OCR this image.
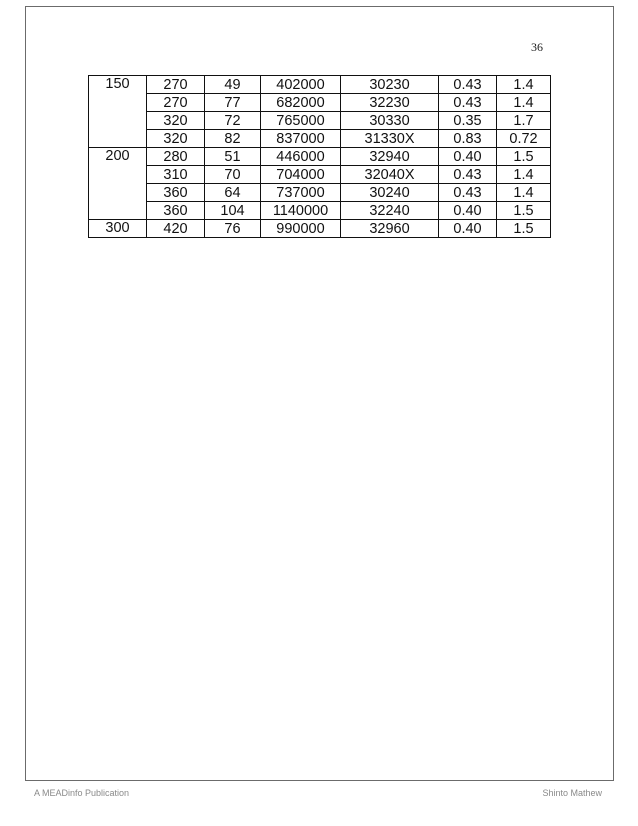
36
150	270	49	402000	30230	0.43	1.4
	270	77	682000	32230	0.43	1.4
	320	72	765000	30330	0.35	1.7
	320	82	837000	31330X	0.83	0.72
200	280	51	446000	32940	0.40	1.5
	310	70	704000	32040X	0.43	1.4
	360	64	737000	30240	0.43	1.4
	360	104	1140000	32240	0.40	1.5
300	420	76	990000	32960	0.40	1.5
A MEADinfo Publication	Shinto Mathew
